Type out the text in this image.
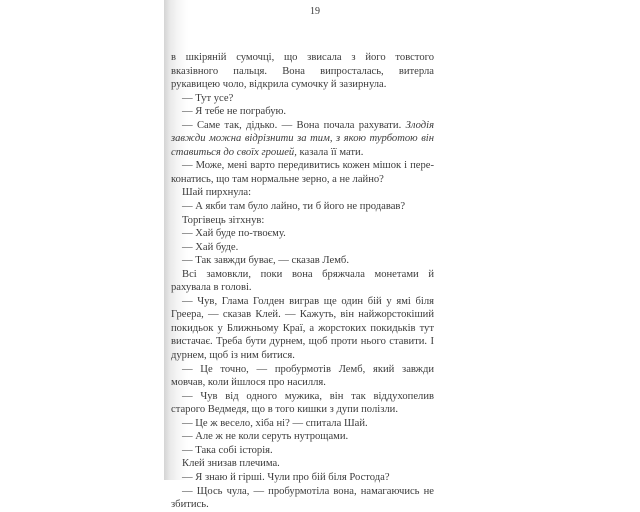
19

в шкіряній сумочці, що звисала з його товстого вказівного пальця. Вона випросталась, витерла рукавицею чоло, відкрила сумочку й зазирнула.

— Тут усе?

— Я тебе не пограбую.

— Саме так, дідько. — Вона почала рахувати. Злодія завжди можна відрізнити за тим, з якою турботою він ставиться до своїх грошей, казала її мати.

— Може, мені варто передивитись кожен мішок і переконатись, що там нормальне зерно, а не лайно?

Шай пирхнула:

— А якби там було лайно, ти б його не продавав?

Торгівець зітхнув:

— Хай буде по-твоєму.

— Хай буде.

— Так завжди буває, — сказав Лемб.

Всі замовкли, поки вона бряжчала монетами й рахувала в голові.

— Чув, Глама Голден виграв ще один бій у ямі біля Греера, — сказав Клей. — Кажуть, він найжорстокіший покидьок у Ближньому Краї, а жорстоких покидьків тут вистачає. Треба бути дурнем, щоб проти нього ставити. І дурнем, щоб із ним битися.

— Це точно, — пробурмотів Лемб, який завжди мовчав, коли йшлося про насилля.

— Чув від одного мужика, він так віддухопелив старого Ведмедя, що в того кишки з дупи полізли.

— Це ж весело, хіба ні? — спитала Шай.

— Але ж не коли серуть нутрощами.

— Така собі історія.

Клей знизав плечима.

— Я знаю й гірші. Чули про бій біля Ростода?

— Щось чула, — пробурмотіла вона, намагаючись не збитись.
